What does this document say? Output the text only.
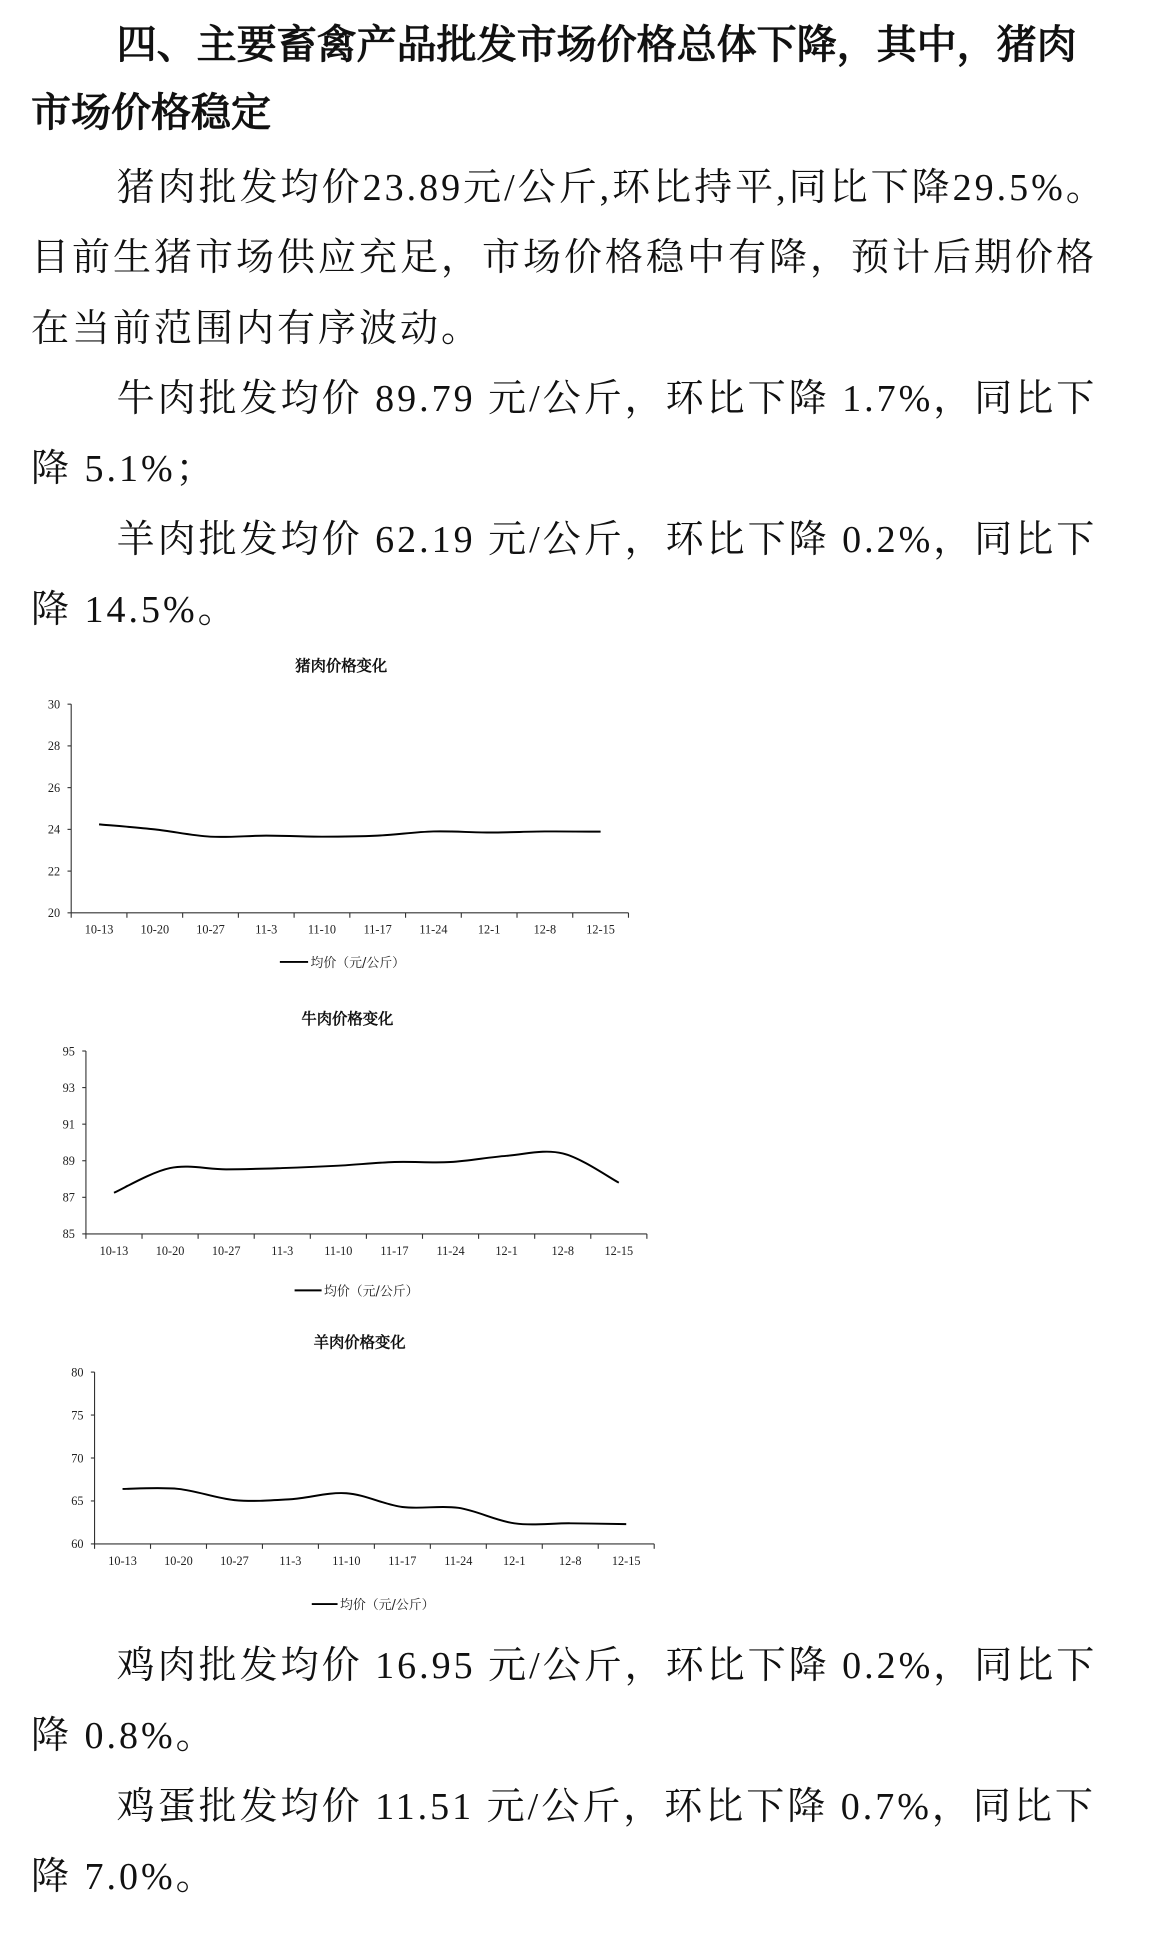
四、主要畜禽产品批发市场价格总体下降，其中，猪肉
市场价格稳定
猪肉批发均价23.89元/公斤,环比持平,同比下降29.5%。
目前生猪市场供应充足，市场价格稳中有降，预计后期价格
在当前范围内有序波动。
牛肉批发均价 89.79 元/公斤，环比下降 1.7%，同比下
降 5.1%；
羊肉批发均价 62.19 元/公斤，环比下降 0.2%，同比下
降 14.5%。
猪肉价格变化
20
22
24
26
28
30
10-13	10-20	10-27	11-3	11-10	11-17	11-24	12-1	12-8	12-15
均价（元/公斤）
牛肉价格变化
85
87
89
91
93
95
10-13	10-20	10-27	11-3	11-10	11-17	11-24	12-1	12-8	12-15
均价（元/公斤）
羊肉价格变化
60
65
70
75
80
10-13	10-20	10-27	11-3	11-10	11-17	11-24	12-1	12-8	12-15
均价（元/公斤）
鸡肉批发均价 16.95 元/公斤，环比下降 0.2%，同比下
降 0.8%。
鸡蛋批发均价 11.51 元/公斤，环比下降 0.7%，同比下
降 7.0%。
